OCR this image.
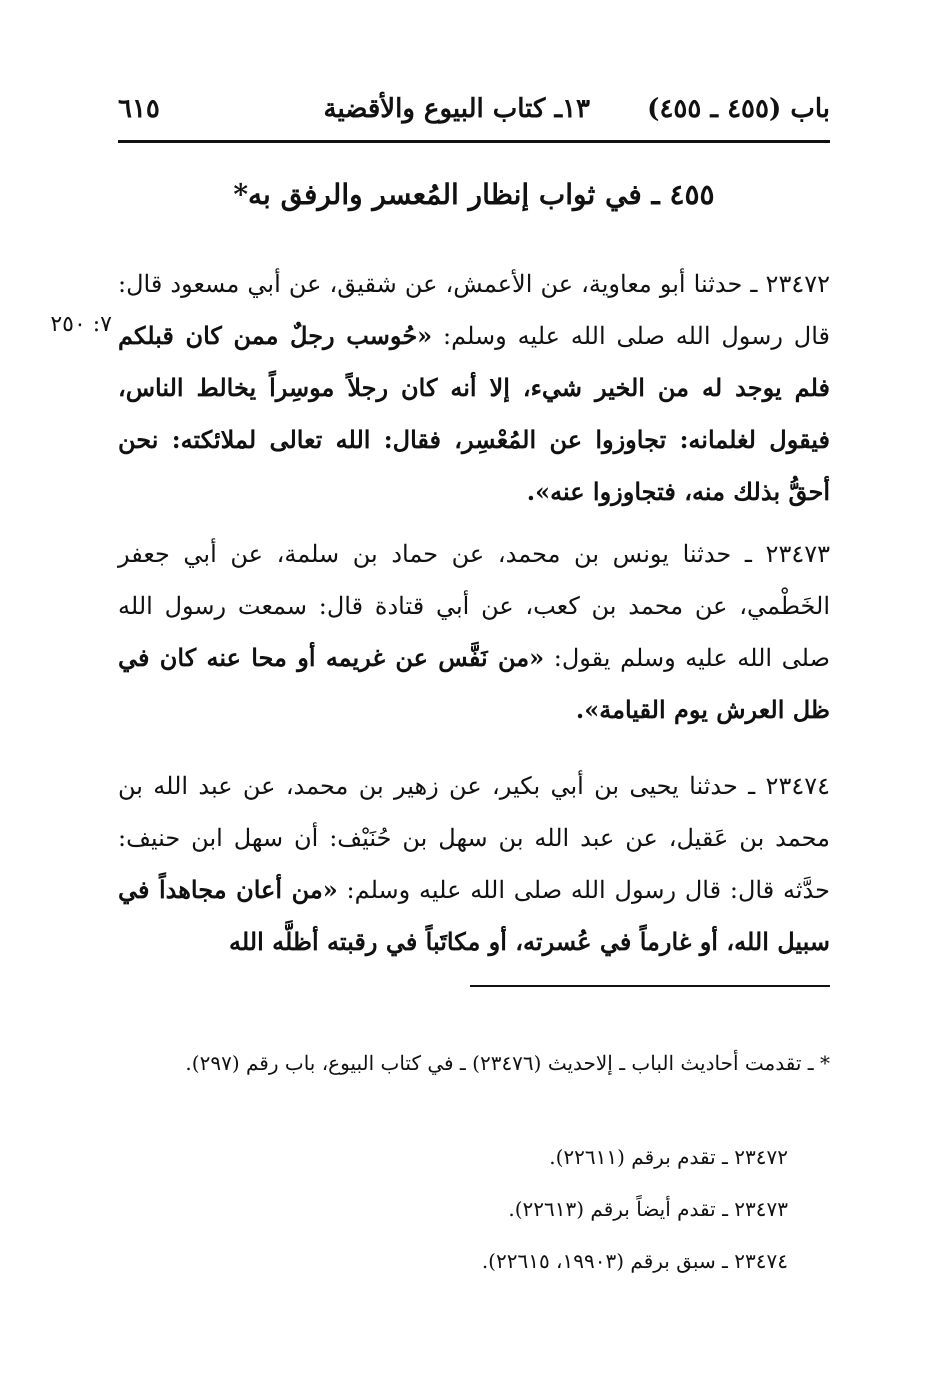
باب (٤٥٥ ـ ٤٥٥)
١٣ـ كتاب البيوع والأقضية
٦١٥
٤٥٥ ـ في ثواب إنظار المُعسر والرفق به*
٧: ٢٥٠
٢٣٤٧٢ ـ حدثنا أبو معاوية، عن الأعمش، عن شقيق، عن أبي مسعود قال: قال رسول الله صلى الله عليه وسلم: «حُوسب رجلٌ ممن كان قبلكم فلم يوجد له من الخير شيء، إلا أنه كان رجلاً موسِراً يخالط الناس، فيقول لغلمانه: تجاوزوا عن المُعْسِر، فقال: الله تعالى لملائكته: نحن أحقُّ بذلك منه، فتجاوزوا عنه».
٢٣٤٧٣ ـ حدثنا يونس بن محمد، عن حماد بن سلمة، عن أبي جعفر الخَطْمي، عن محمد بن كعب، عن أبي قتادة قال: سمعت رسول الله صلى الله عليه وسلم يقول: «من نَفَّس عن غريمه أو محا عنه كان في ظل العرش يوم القيامة».
٢٣٤٧٤ ـ حدثنا يحيى بن أبي بكير، عن زهير بن محمد، عن عبد الله بن محمد بن عَقيل، عن عبد الله بن سهل بن حُنَيْف: أن سهل ابن حنيف: حدَّثه قال: قال رسول الله صلى الله عليه وسلم: «من أعان مجاهداً في سبيل الله، أو غارماً في عُسرته، أو مكاتَباً في رقبته أظلَّه الله
* ـ تقدمت أحاديث الباب ـ إلاحديث (٢٣٤٧٦) ـ في كتاب البيوع، باب رقم (٢٩٧).
٢٣٤٧٢ ـ تقدم برقم (٢٢٦١١).
٢٣٤٧٣ ـ تقدم أيضاً برقم (٢٢٦١٣).
٢٣٤٧٤ ـ سبق برقم (١٩٩٠٣، ٢٢٦١٥).
